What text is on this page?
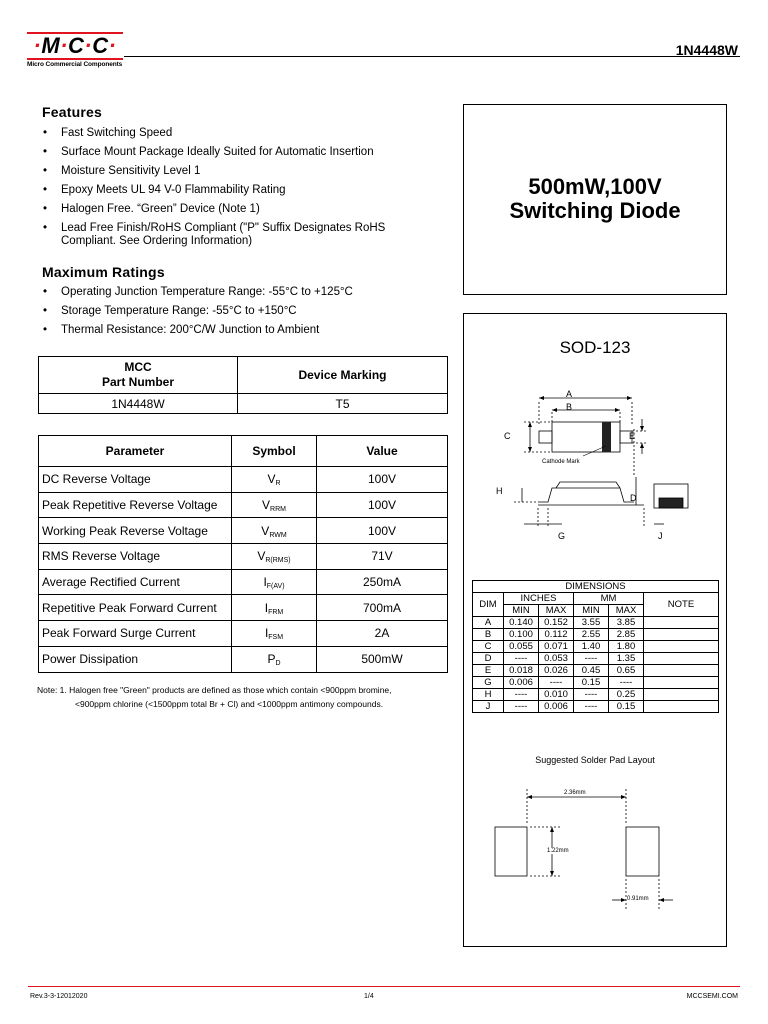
·M·C·C·
Micro Commercial Components
1N4448W
Features
• Fast Switching Speed
• Surface Mount Package Ideally Suited for Automatic Insertion
• Moisture Sensitivity Level 1
• Epoxy Meets UL 94 V-0 Flammability Rating
• Halogen Free. “Green” Device (Note 1)
• Lead Free Finish/RoHS Compliant ("P" Suffix Designates RoHS Compliant. See Ordering Information)
Maximum Ratings
• Operating Junction Temperature Range: -55°C to +125°C
• Storage Temperature Range: -55°C to +150°C
• Thermal Resistance: 200°C/W Junction to Ambient
MCC
Part Number	Device Marking
1N4448W	T5
Parameter	Symbol	Value
DC Reverse Voltage	$V_R$	100V
Peak Repetitive Reverse Voltage	$V_{RRM}$	100V
Working Peak Reverse Voltage	$V_{RWM}$	100V
RMS Reverse Voltage	$V_{R(RMS)}$	71V
Average Rectified Current	$I_{F(AV)}$	250mA
Repetitive Peak Forward Current	$I_{FRM}$	700mA
Peak Forward Surge Current	$I_{FSM}$	2A
Power Dissipation	$P_D$	500mW
Note: 1. Halogen free "Green" products are defined as those which contain <900ppm bromine,
<900ppm chlorine (<1500ppm total Br + Cl) and <1000ppm antimony compounds.
500mW,100V
Switching Diode
SOD-123
A
B
C	E
Cathode Mark
H
D
G	J
DIMENSIONS					
DIM	INCHES		MM		NOTE
	MIN	MAX	MIN	MAX	
A	0.140	0.152	3.55	3.85	
B	0.100	0.112	2.55	2.85	
C	0.055	0.071	1.40	1.80	
D	----	0.053	----	1.35	
E	0.018	0.026	0.45	0.65	
G	0.006	----	0.15	----	
H	----	0.010	----	0.25	
J	----	0.006	----	0.15	
Suggested Solder Pad Layout
2.36mm
1.22mm
0.91mm
Rev.3-3-12012020	1/4	MCCSEMI.COM
